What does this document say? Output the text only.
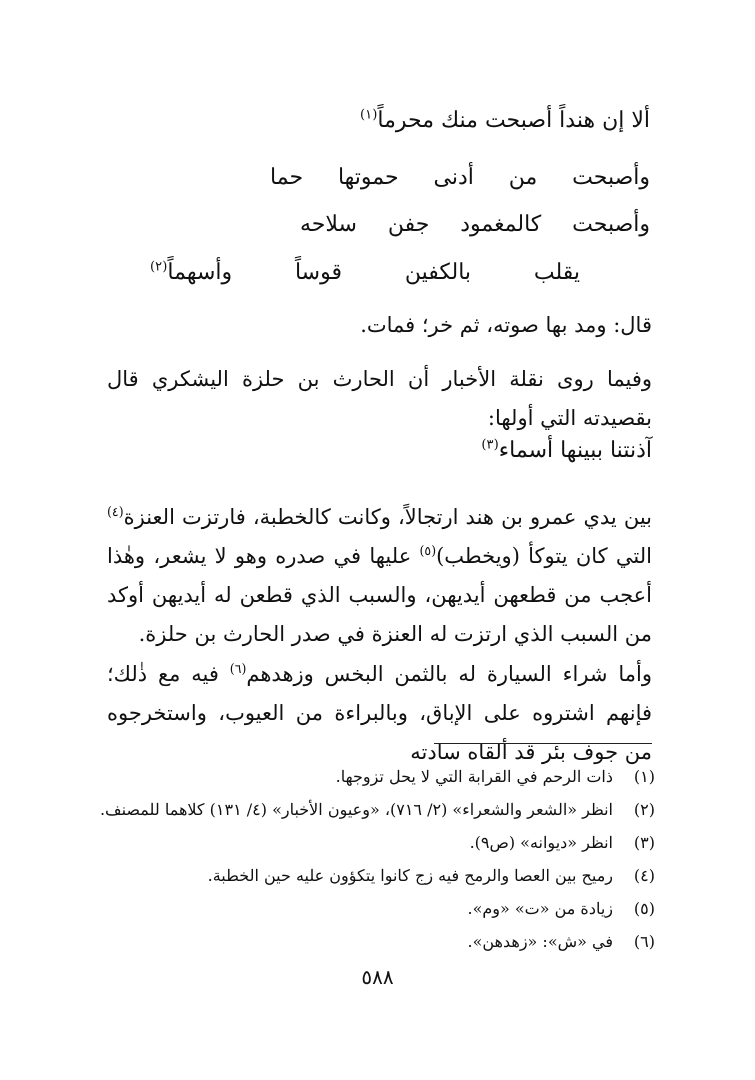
ألا إن هنداً أصبحت منك محرماً$^{(١)}$
وأصبحت
من
أدنى
حموتها
حما
وأصبحت
كالمغمود
جفن
سلاحه
يقلب
بالكفين
قوساً
وأسهماً$^{(٢)}$
قال: ومد بها صوته، ثم خر؛ فمات.
وفيما روى نقلة الأخبار أن الحارث بن حلزة اليشكري قال بقصيدته التي أولها:
آذنتنا ببينها أسماء$^{(٣)}$
بين يدي عمرو بن هند ارتجالاً، وكانت كالخطبة، فارتزت العنزة$^{(٤)}$ التي كان يتوكأ (ويخطب)$^{(٥)}$ عليها في صدره وهو لا يشعر، وهٰذا أعجب من قطعهن أيديهن، والسبب الذي قطعن له أيديهن أوكد من السبب الذي ارتزت له العنزة في صدر الحارث بن حلزة.
وأما شراء السيارة له بالثمن البخس وزهدهم$^{(٦)}$ فيه مع ذٰلك؛ فإنهم اشتروه على الإباق، وبالبراءة من العيوب، واستخرجوه من جوف بئر قد ألقاه سادته
(١)
ذات الرحم في القرابة التي لا يحل تزوجها.
(٢)
انظر «الشعر والشعراء» (٢/ ٧١٦)، «وعيون الأخبار» (٤/ ١٣١) كلاهما للمصنف.
(٣)
انظر «ديوانه» (ص٩).
(٤)
رميح بين العصا والرمح فيه زج كانوا يتكؤون عليه حين الخطبة.
(٥)
زيادة من «ت» «وم».
(٦)
في «ش»: «زهدهن».
٥٨٨
